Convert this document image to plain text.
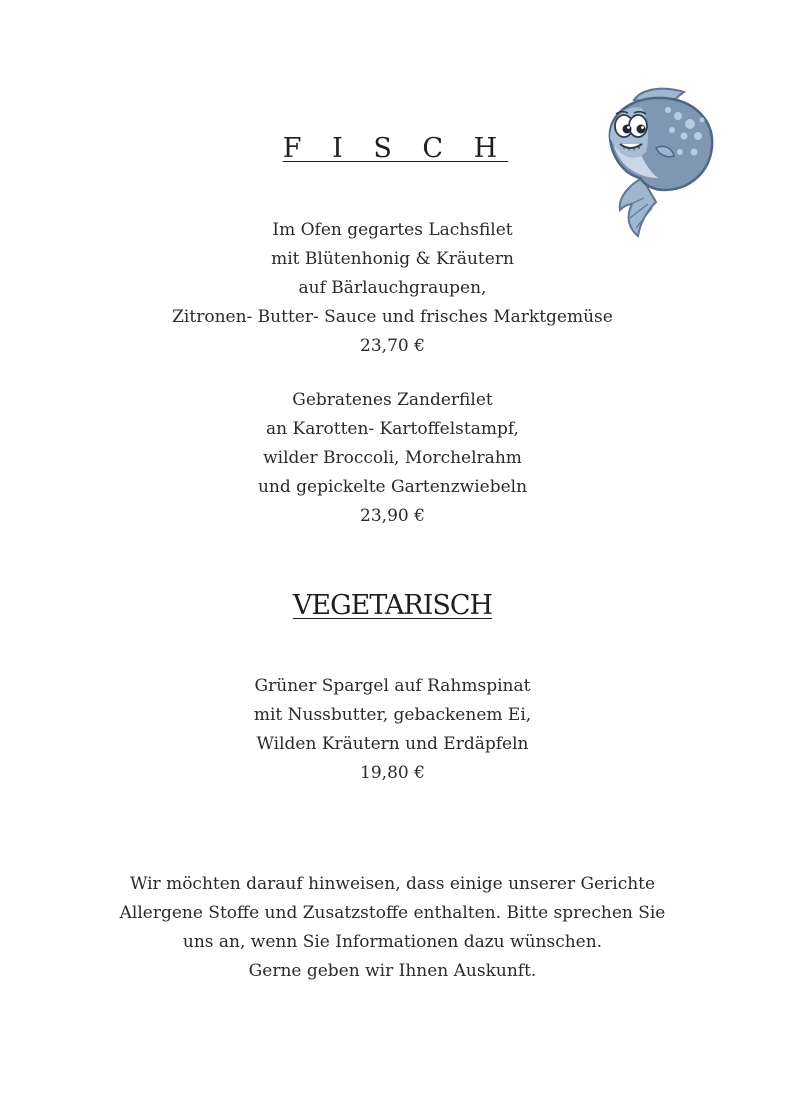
F I S C H
Im Ofen gegartes Lachsfilet
mit Blütenhonig & Kräutern
auf Bärlauchgraupen,
Zitronen- Butter- Sauce und frisches Marktgemüse
23,70 €
Gebratenes Zanderfilet
an Karotten- Kartoffelstampf,
wilder Broccoli, Morchelrahm
und gepickelte Gartenzwiebeln
23,90 €
VEGETARISCH
Grüner Spargel auf Rahmspinat
mit Nussbutter, gebackenem Ei,
Wilden Kräutern und Erdäpfeln
19,80 €
Wir möchten darauf hinweisen, dass einige unserer Gerichte
Allergene Stoffe und Zusatzstoffe enthalten. Bitte sprechen Sie
uns an, wenn Sie Informationen dazu wünschen.
Gerne geben wir Ihnen Auskunft.
